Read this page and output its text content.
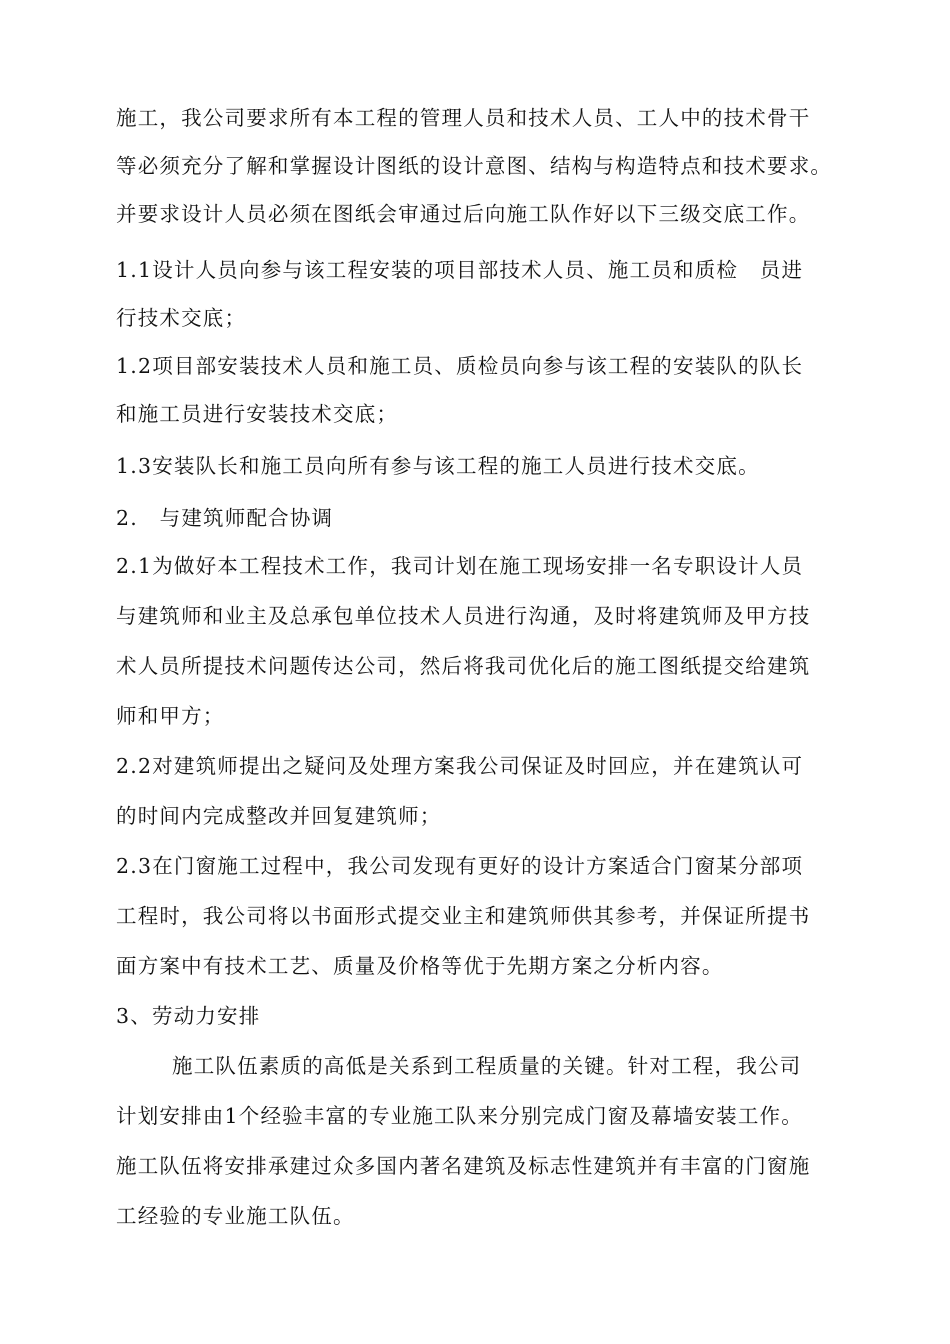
施工，我公司要求所有本工程的管理人员和技术人员、工人中的技术骨干
等必须充分了解和掌握设计图纸的设计意图、结构与构造特点和技术要求。
并要求设计人员必须在图纸会审通过后向施工队作好以下三级交底工作。
1.1设计人员向参与该工程安装的项目部技术人员、施工员和质检　员进
行技术交底；
1.2项目部安装技术人员和施工员、质检员向参与该工程的安装队的队长
和施工员进行安装技术交底；
1.3安装队长和施工员向所有参与该工程的施工人员进行技术交底。
2.　与建筑师配合协调
2.1为做好本工程技术工作，我司计划在施工现场安排一名专职设计人员
与建筑师和业主及总承包单位技术人员进行沟通，及时将建筑师及甲方技
术人员所提技术问题传达公司，然后将我司优化后的施工图纸提交给建筑
师和甲方；
2.2对建筑师提出之疑问及处理方案我公司保证及时回应，并在建筑认可
的时间内完成整改并回复建筑师；
2.3在门窗施工过程中，我公司发现有更好的设计方案适合门窗某分部项
工程时，我公司将以书面形式提交业主和建筑师供其参考，并保证所提书
面方案中有技术工艺、质量及价格等优于先期方案之分析内容。
3、劳动力安排
施工队伍素质的高低是关系到工程质量的关键。针对工程，我公司
计划安排由1个经验丰富的专业施工队来分别完成门窗及幕墙安装工作。
施工队伍将安排承建过众多国内著名建筑及标志性建筑并有丰富的门窗施
工经验的专业施工队伍。
